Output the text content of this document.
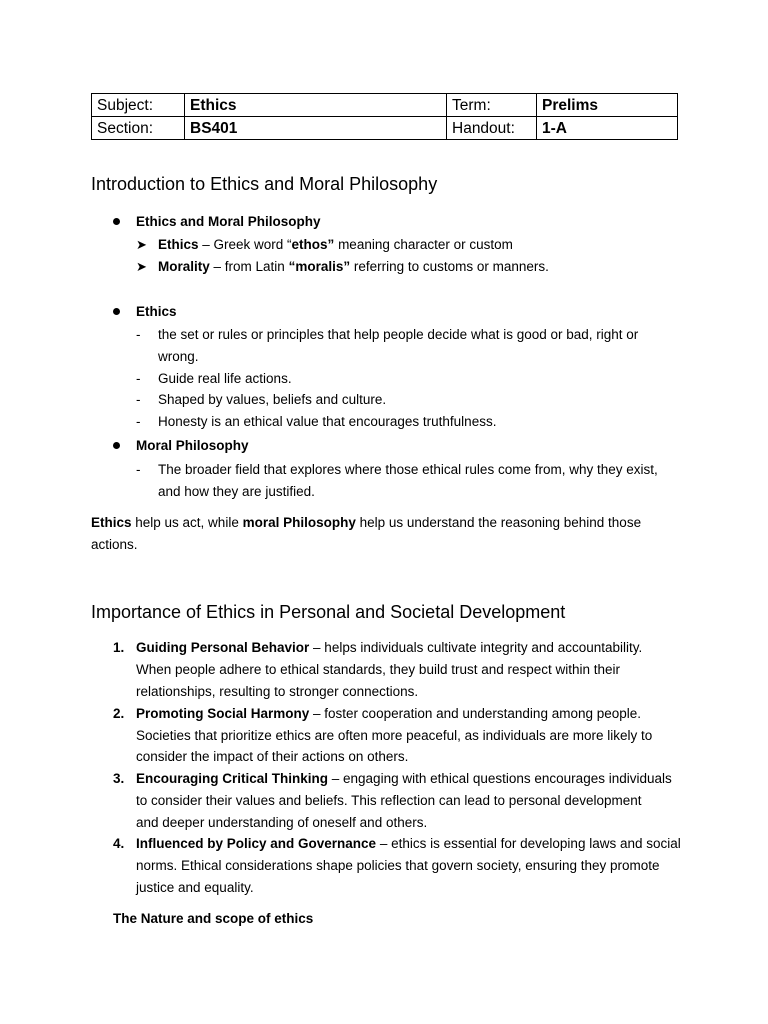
Subject:	Ethics	Term:	Prelims
Section:	BS401	Handout:	1-A
Introduction to Ethics and Moral Philosophy
Ethics and Moral Philosophy
➤ Ethics – Greek word “ethos” meaning character or custom
➤ Morality – from Latin “moralis” referring to customs or manners.
Ethics
- the set or rules or principles that help people decide what is good or bad, right or
wrong.
- Guide real life actions.
- Shaped by values, beliefs and culture.
- Honesty is an ethical value that encourages truthfulness.
Moral Philosophy
- The broader field that explores where those ethical rules come from, why they exist,
and how they are justified.
Ethics help us act, while moral Philosophy help us understand the reasoning behind those
actions.
Importance of Ethics in Personal and Societal Development
1. Guiding Personal Behavior – helps individuals cultivate integrity and accountability.
When people adhere to ethical standards, they build trust and respect within their
relationships, resulting to stronger connections.
2. Promoting Social Harmony – foster cooperation and understanding among people.
Societies that prioritize ethics are often more peaceful, as individuals are more likely to
consider the impact of their actions on others.
3. Encouraging Critical Thinking – engaging with ethical questions encourages individuals
to consider their values and beliefs. This reflection can lead to personal development
and deeper understanding of oneself and others.
4. Influenced by Policy and Governance – ethics is essential for developing laws and social
norms. Ethical considerations shape policies that govern society, ensuring they promote
justice and equality.
The Nature and scope of ethics
